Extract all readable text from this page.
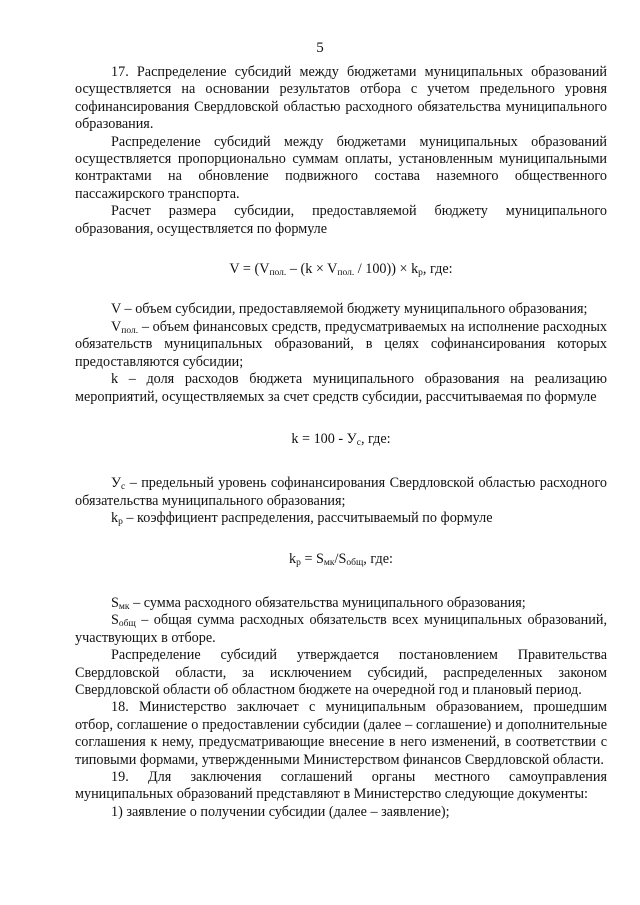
5

17. Распределение субсидий между бюджетами муниципальных образований осуществляется на основании результатов отбора с учетом предельного уровня софинансирования Свердловской областью расходного обязательства муниципального образования.

Распределение субсидий между бюджетами муниципальных образований осуществляется пропорционально суммам оплаты, установленным муниципальными контрактами на обновление подвижного состава наземного общественного пассажирского транспорта.

Расчет размера субсидии, предоставляемой бюджету муниципального образования, осуществляется по формуле

$V = (V_{пол.} - (k \times V_{пол.} / 100)) \times k_р$, где:

V – объем субсидии, предоставляемой бюджету муниципального образования;

$V_{пол.}$ – объем финансовых средств, предусматриваемых на исполнение расходных обязательств муниципальных образований, в целях софинансирования которых предоставляются субсидии;

k – доля расходов бюджета муниципального образования на реализацию мероприятий, осуществляемых за счет средств субсидии, рассчитываемая по формуле

$k = 100 - У_с$, где:

$У_с$ – предельный уровень софинансирования Свердловской областью расходного обязательства муниципального образования;

$k_р$ – коэффициент распределения, рассчитываемый по формуле

$k_р = S_{мк}/S_{общ}$, где:

$S_{мк}$ – сумма расходного обязательства муниципального образования;

$S_{общ}$ – общая сумма расходных обязательств всех муниципальных образований, участвующих в отборе.

Распределение субсидий утверждается постановлением Правительства Свердловской области, за исключением субсидий, распределенных законом Свердловской области об областном бюджете на очередной год и плановый период.

18. Министерство заключает с муниципальным образованием, прошедшим отбор, соглашение о предоставлении субсидии (далее – соглашение) и дополнительные соглашения к нему, предусматривающие внесение в него изменений, в соответствии с типовыми формами, утвержденными Министерством финансов Свердловской области.

19. Для заключения соглашений органы местного самоуправления муниципальных образований представляют в Министерство следующие документы:

1) заявление о получении субсидии (далее – заявление);
